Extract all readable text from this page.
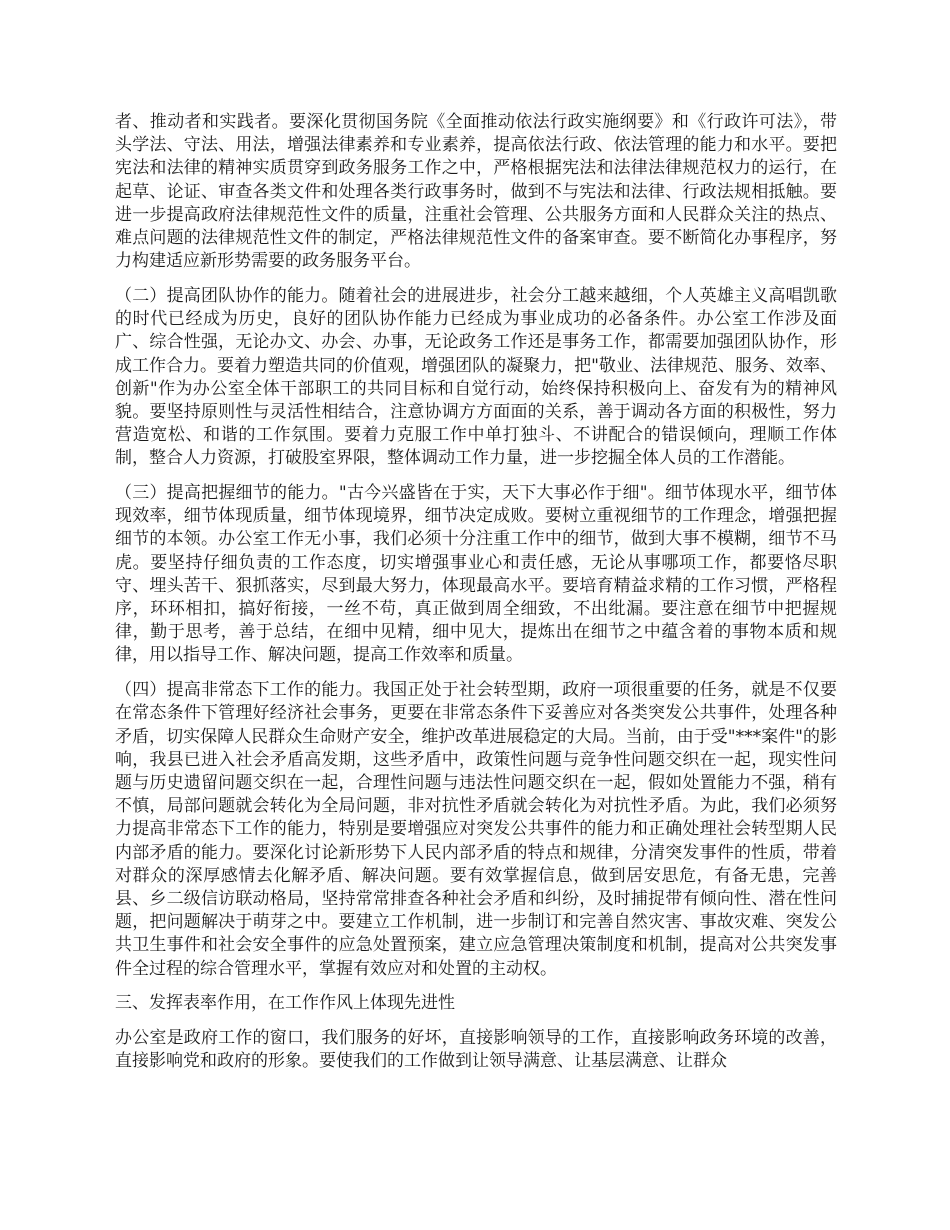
者、推动者和实践者。要深化贯彻国务院《全面推动依法行政实施纲要》和《行政许可法》，带头学法、守法、用法，增强法律素养和专业素养，提高依法行政、依法管理的能力和水平。要把宪法和法律的精神实质贯穿到政务服务工作之中，严格根据宪法和法律法律规范权力的运行，在起草、论证、审查各类文件和处理各类行政事务时，做到不与宪法和法律、行政法规相抵触。要进一步提高政府法律规范性文件的质量，注重社会管理、公共服务方面和人民群众关注的热点、难点问题的法律规范性文件的制定，严格法律规范性文件的备案审查。要不断简化办事程序，努力构建适应新形势需要的政务服务平台。

（二）提高团队协作的能力。随着社会的进展进步，社会分工越来越细，个人英雄主义高唱凯歌的时代已经成为历史，良好的团队协作能力已经成为事业成功的必备条件。办公室工作涉及面广、综合性强，无论办文、办会、办事，无论政务工作还是事务工作，都需要加强团队协作，形成工作合力。要着力塑造共同的价值观，增强团队的凝聚力，把"敬业、法律规范、服务、效率、创新"作为办公室全体干部职工的共同目标和自觉行动，始终保持积极向上、奋发有为的精神风貌。要坚持原则性与灵活性相结合，注意协调方方面面的关系，善于调动各方面的积极性，努力营造宽松、和谐的工作氛围。要着力克服工作中单打独斗、不讲配合的错误倾向，理顺工作体制，整合人力资源，打破股室界限，整体调动工作力量，进一步挖掘全体人员的工作潜能。

（三）提高把握细节的能力。"古今兴盛皆在于实，天下大事必作于细"。细节体现水平，细节体现效率，细节体现质量，细节体现境界，细节决定成败。要树立重视细节的工作理念，增强把握细节的本领。办公室工作无小事，我们必须十分注重工作中的细节，做到大事不模糊，细节不马虎。要坚持仔细负责的工作态度，切实增强事业心和责任感，无论从事哪项工作，都要恪尽职守、埋头苦干、狠抓落实，尽到最大努力，体现最高水平。要培育精益求精的工作习惯，严格程序，环环相扣，搞好衔接，一丝不苟，真正做到周全细致，不出纰漏。要注意在细节中把握规律，勤于思考，善于总结，在细中见精，细中见大，提炼出在细节之中蕴含着的事物本质和规律，用以指导工作、解决问题，提高工作效率和质量。

（四）提高非常态下工作的能力。我国正处于社会转型期，政府一项很重要的任务，就是不仅要在常态条件下管理好经济社会事务，更要在非常态条件下妥善应对各类突发公共事件，处理各种矛盾，切实保障人民群众生命财产安全，维护改革进展稳定的大局。当前，由于受"***案件"的影响，我县已进入社会矛盾高发期，这些矛盾中，政策性问题与竞争性问题交织在一起，现实性问题与历史遗留问题交织在一起，合理性问题与违法性问题交织在一起，假如处置能力不强，稍有不慎，局部问题就会转化为全局问题，非对抗性矛盾就会转化为对抗性矛盾。为此，我们必须努力提高非常态下工作的能力，特别是要增强应对突发公共事件的能力和正确处理社会转型期人民内部矛盾的能力。要深化讨论新形势下人民内部矛盾的特点和规律，分清突发事件的性质，带着对群众的深厚感情去化解矛盾、解决问题。要有效掌握信息，做到居安思危，有备无患，完善县、乡二级信访联动格局，坚持常常排查各种社会矛盾和纠纷，及时捕捉带有倾向性、潜在性问题，把问题解决于萌芽之中。要建立工作机制，进一步制订和完善自然灾害、事故灾难、突发公共卫生事件和社会安全事件的应急处置预案，建立应急管理决策制度和机制，提高对公共突发事件全过程的综合管理水平，掌握有效应对和处置的主动权。

三、发挥表率作用，在工作作风上体现先进性

办公室是政府工作的窗口，我们服务的好坏，直接影响领导的工作，直接影响政务环境的改善，直接影响党和政府的形象。要使我们的工作做到让领导满意、让基层满意、让群众
